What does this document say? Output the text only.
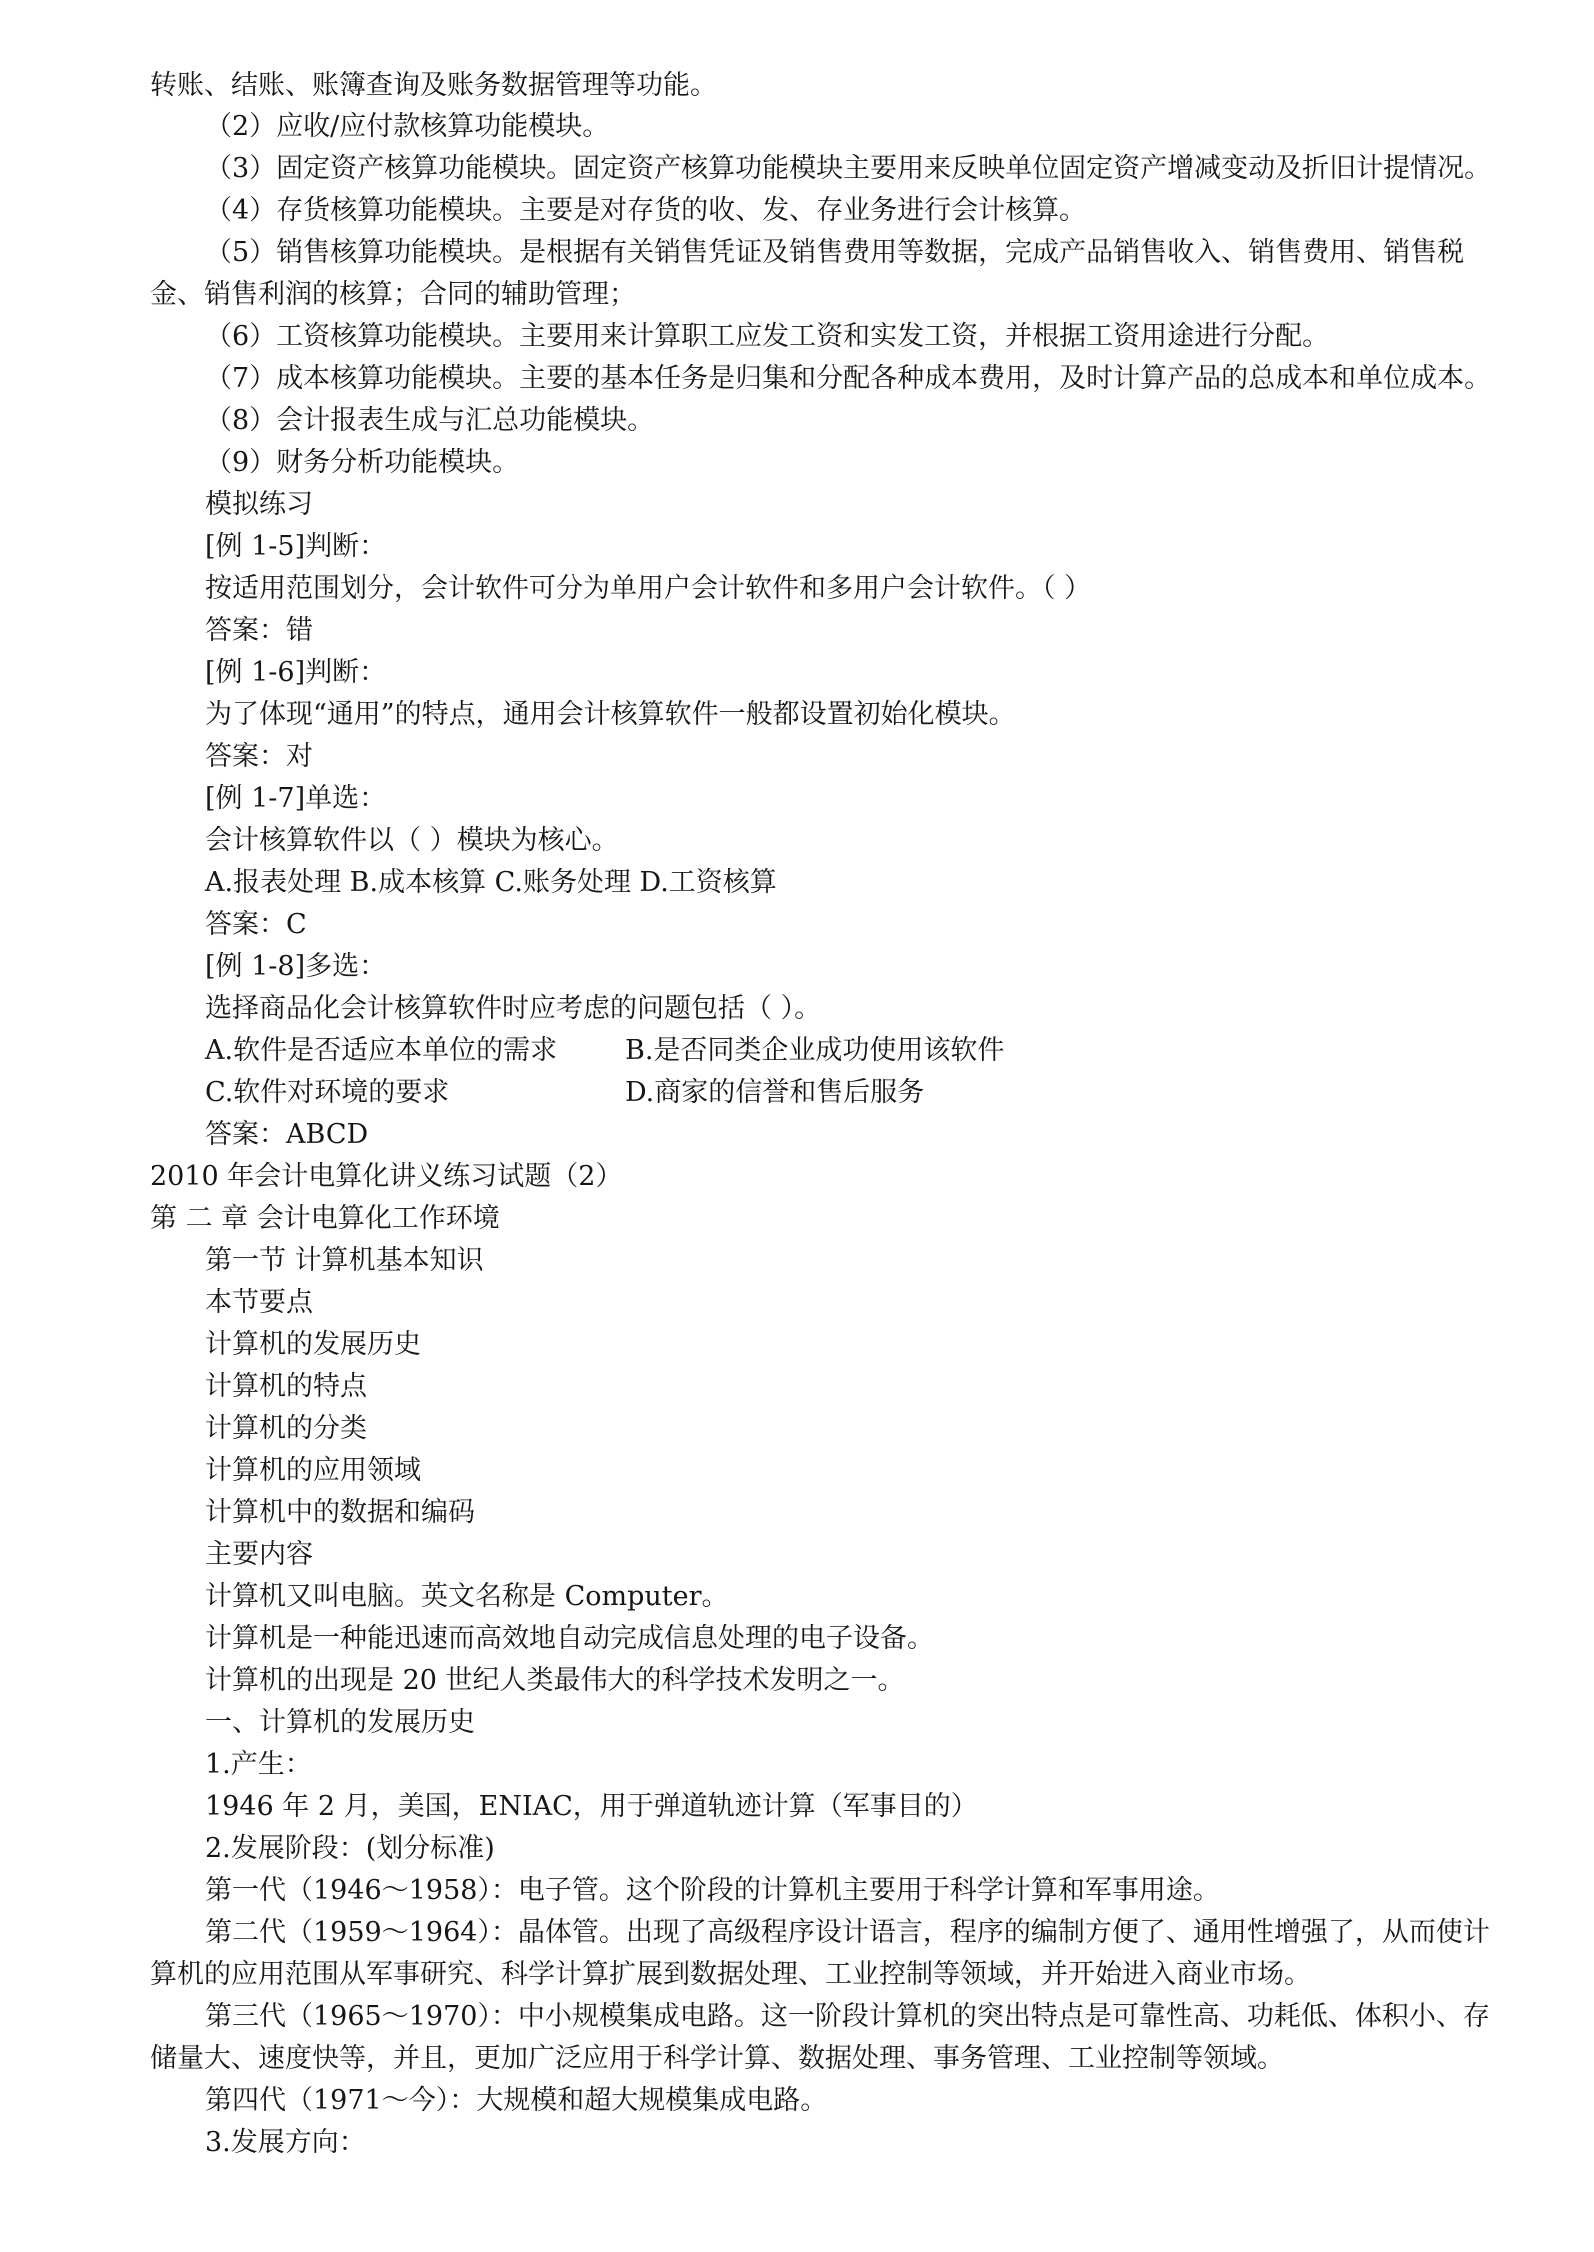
转账、结账、账簿查询及账务数据管理等功能。
（2）应收/应付款核算功能模块。
（3）固定资产核算功能模块。固定资产核算功能模块主要用来反映单位固定资产增减变动及折旧计提情况。
（4）存货核算功能模块。主要是对存货的收、发、存业务进行会计核算。
（5）销售核算功能模块。是根据有关销售凭证及销售费用等数据，完成产品销售收入、销售费用、销售税
金、销售利润的核算；合同的辅助管理；
（6）工资核算功能模块。主要用来计算职工应发工资和实发工资，并根据工资用途进行分配。
（7）成本核算功能模块。主要的基本任务是归集和分配各种成本费用，及时计算产品的总成本和单位成本。
（8）会计报表生成与汇总功能模块。
（9）财务分析功能模块。
模拟练习
[例 1-5]判断：
按适用范围划分，会计软件可分为单用户会计软件和多用户会计软件。（ ）
答案：错
[例 1-6]判断：
为了体现“通用”的特点，通用会计核算软件一般都设置初始化模块。
答案：对
[例 1-7]单选：
会计核算软件以（ ）模块为核心。
A.报表处理 B.成本核算 C.账务处理 D.工资核算
答案：C
[例 1-8]多选：
选择商品化会计核算软件时应考虑的问题包括（ ）。
A.软件是否适应本单位的需求	B.是否同类企业成功使用该软件
C.软件对环境的要求	D.商家的信誉和售后服务
答案：ABCD
2010 年会计电算化讲义练习试题（2）
第 二 章 会计电算化工作环境
第一节 计算机基本知识
本节要点
计算机的发展历史
计算机的特点
计算机的分类
计算机的应用领域
计算机中的数据和编码
主要内容
计算机又叫电脑。英文名称是 Computer。
计算机是一种能迅速而高效地自动完成信息处理的电子设备。
计算机的出现是 20 世纪人类最伟大的科学技术发明之一。
一、计算机的发展历史
1.产生：
1946 年 2 月，美国，ENIAC，用于弹道轨迹计算（军事目的）
2.发展阶段：(划分标准)
第一代（1946～1958）：电子管。这个阶段的计算机主要用于科学计算和军事用途。
第二代（1959～1964）：晶体管。出现了高级程序设计语言，程序的编制方便了、通用性增强了，从而使计
算机的应用范围从军事研究、科学计算扩展到数据处理、工业控制等领域，并开始进入商业市场。
第三代（1965～1970）：中小规模集成电路。这一阶段计算机的突出特点是可靠性高、功耗低、体积小、存
储量大、速度快等，并且，更加广泛应用于科学计算、数据处理、事务管理、工业控制等领域。
第四代（1971～今）：大规模和超大规模集成电路。
3.发展方向：
